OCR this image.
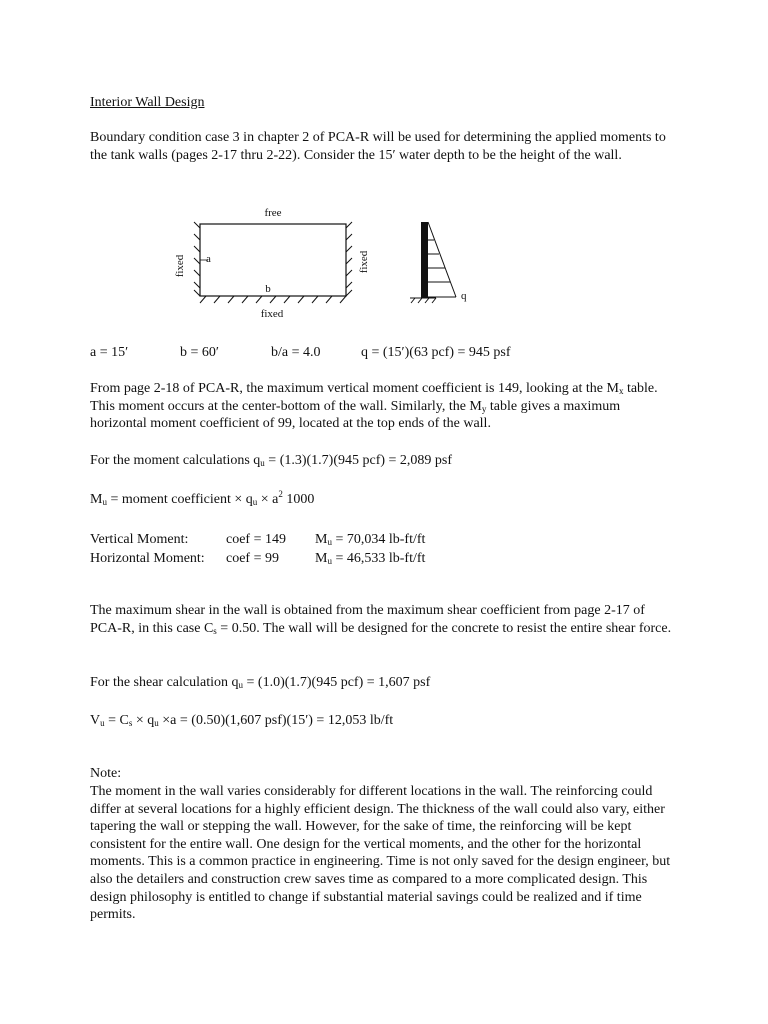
Interior Wall Design

Boundary condition case 3 in chapter 2 of PCA-R will be used for determining the applied moments to the tank walls (pages 2-17 thru 2-22). Consider the 15′ water depth to be the height of the wall.

free
a
b
fixed
fixed	fixed
q
a = 15′	b = 60′	b/a = 4.0	q = (15′)(63 pcf) = 945 psf

From page 2-18 of PCA-R, the maximum vertical moment coefficient is 149, looking at the $M_x$ table. This moment occurs at the center-bottom of the wall. Similarly, the $M_y$ table gives a maximum horizontal moment coefficient of 99, located at the top ends of the wall.

For the moment calculations $q_u = (1.3)(1.7)(945$ pcf) = 2,089 psf

$M_u$ = moment coefficient × $q_u \times a^2$ 1000

Vertical Moment:	coef = 149 $M_u = 70,034$ lb-ft/ft
Horizontal Moment: coef = 99	$M_u = 46,533$ lb-ft/ft

The maximum shear in the wall is obtained from the maximum shear coefficient from page 2-17 of PCA-R, in this case $C_s = 0.50$. The wall will be designed for the concrete to resist the entire shear force.

For the shear calculation $q_u = (1.0)(1.7)(945$ pcf) = 1,607 psf

$V_u = C_s \times q_u \times a = (0.50)(1,607$ psf)(15′) = 12,053 lb/ft

Note:

The moment in the wall varies considerably for different locations in the wall. The reinforcing could differ at several locations for a highly efficient design. The thickness of the wall could also vary, either tapering the wall or stepping the wall. However, for the sake of time, the reinforcing will be kept consistent for the entire wall. One design for the vertical moments, and the other for the horizontal moments. This is a common practice in engineering. Time is not only saved for the design engineer, but also the detailers and construction crew saves time as compared to a more complicated design. This design philosophy is entitled to change if substantial material savings could be realized and if time permits.
